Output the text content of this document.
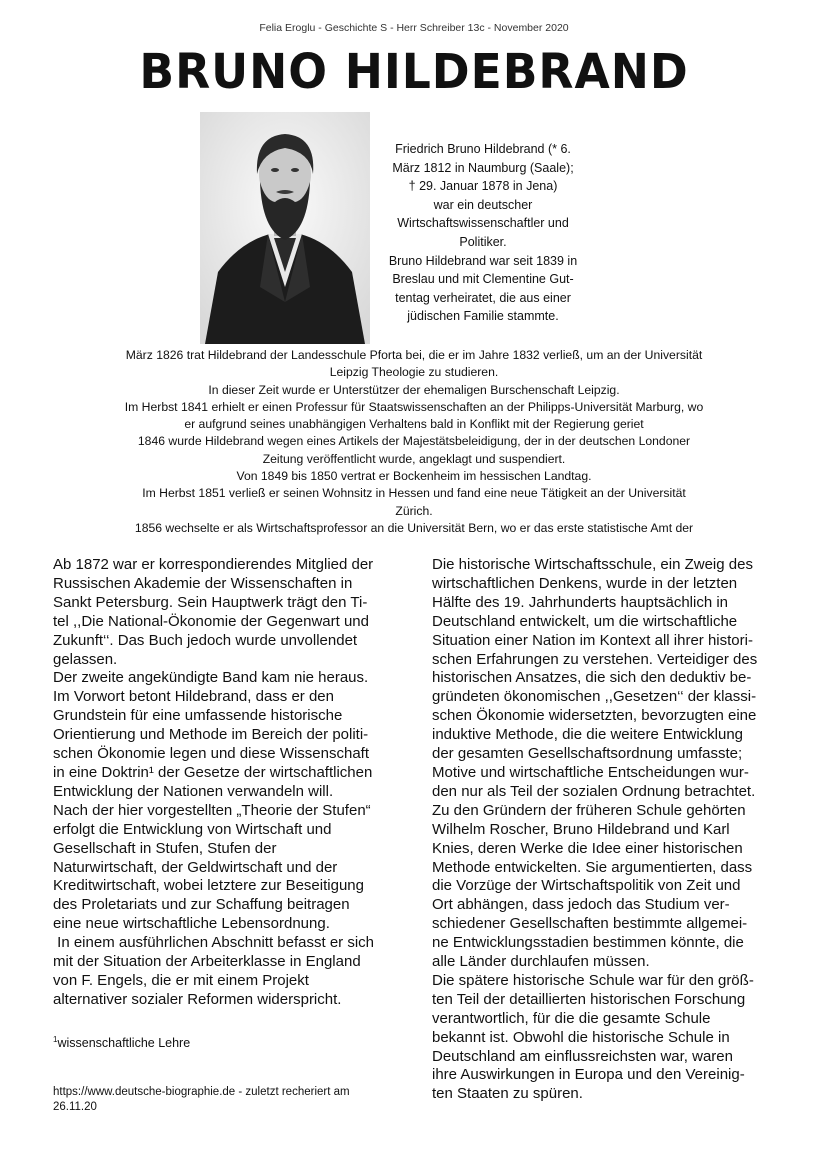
Felia Eroglu - Geschichte S - Herr Schreiber 13c - November 2020
BRUNO HILDEBRAND
Friedrich Bruno Hildebrand (* 6.
März 1812 in Naumburg (Saale);
† 29. Januar 1878 in Jena)
war ein deutscher
Wirtschaftswissenschaftler und
Politiker.
Bruno Hildebrand war seit 1839 in
Breslau und mit Clementine Gut-
tentag verheiratet, die aus einer
jüdischen Familie stammte.

März 1826 trat Hildebrand der Landesschule Pforta bei, die er im Jahre 1832 verließ, um an der Universität

Leipzig Theologie zu studieren.

In dieser Zeit wurde er Unterstützer der ehemaligen Burschenschaft Leipzig.

Im Herbst 1841 erhielt er einen Professur für Staatswissenschaften an der Philipps-Universität Marburg, wo

er aufgrund seines unabhängigen Verhaltens bald in Konflikt mit der Regierung geriet

1846 wurde Hildebrand wegen eines Artikels der Majestätsbeleidigung, der in der deutschen Londoner

Zeitung veröffentlicht wurde, angeklagt und suspendiert.

Von 1849 bis 1850 vertrat er Bockenheim im hessischen Landtag.

Im Herbst 1851 verließ er seinen Wohnsitz in Hessen und fand eine neue Tätigkeit an der Universität

Zürich.

1856 wechselte er als Wirtschaftsprofessor an die Universität Bern, wo er das erste statistische Amt der

Ab 1872 war er korrespondierendes Mitglied der

Russischen Akademie der Wissenschaften in

Sankt Petersburg. Sein Hauptwerk trägt den Ti-

tel ,,Die National-Ökonomie der Gegenwart und

Zukunft‘‘. Das Buch jedoch wurde unvollendet

gelassen.

Der zweite angekündigte Band kam nie heraus.

Im Vorwort betont Hildebrand, dass er den

Grundstein für eine umfassende historische

Orientierung und Methode im Bereich der politi-

schen Ökonomie legen und diese Wissenschaft

in eine Doktrin¹ der Gesetze der wirtschaftlichen

Entwicklung der Nationen verwandeln will.

Nach der hier vorgestellten „Theorie der Stufen“

erfolgt die Entwicklung von Wirtschaft und

Gesellschaft in Stufen, Stufen der

Naturwirtschaft, der Geldwirtschaft und der

Kreditwirtschaft, wobei letztere zur Beseitigung

des Proletariats und zur Schaffung beitragen

eine neue wirtschaftliche Lebensordnung.

In einem ausführlichen Abschnitt befasst er sich

mit der Situation der Arbeiterklasse in England

von F. Engels, die er mit einem Projekt

alternativer sozialer Reformen widerspricht.

Die historische Wirtschaftsschule, ein Zweig des

wirtschaftlichen Denkens, wurde in der letzten

Hälfte des 19. Jahrhunderts hauptsächlich in

Deutschland entwickelt, um die wirtschaftliche

Situation einer Nation im Kontext all ihrer histori-

schen Erfahrungen zu verstehen. Verteidiger des

historischen Ansatzes, die sich den deduktiv be-

gründeten ökonomischen ,,Gesetzen‘‘ der klassi-

schen Ökonomie widersetzten, bevorzugten eine

induktive Methode, die die weitere Entwicklung

der gesamten Gesellschaftsordnung umfasste;

Motive und wirtschaftliche Entscheidungen wur-

den nur als Teil der sozialen Ordnung betrachtet.

Zu den Gründern der früheren Schule gehörten

Wilhelm Roscher, Bruno Hildebrand und Karl

Knies, deren Werke die Idee einer historischen

Methode entwickelten. Sie argumentierten, dass

die Vorzüge der Wirtschaftspolitik von Zeit und

Ort abhängen, dass jedoch das Studium ver-

schiedener Gesellschaften bestimmte allgemei-

ne Entwicklungsstadien bestimmen könnte, die

alle Länder durchlaufen müssen.

Die spätere historische Schule war für den größ-

ten Teil der detaillierten historischen Forschung

verantwortlich, für die die gesamte Schule

bekannt ist. Obwohl die historische Schule in

Deutschland am einflussreichsten war, waren

ihre Auswirkungen in Europa und den Vereinig-

ten Staaten zu spüren.

$^1$wissenschaftliche Lehre
https://www.deutsche-biographie.de - zuletzt recheriert am 26.11.20
